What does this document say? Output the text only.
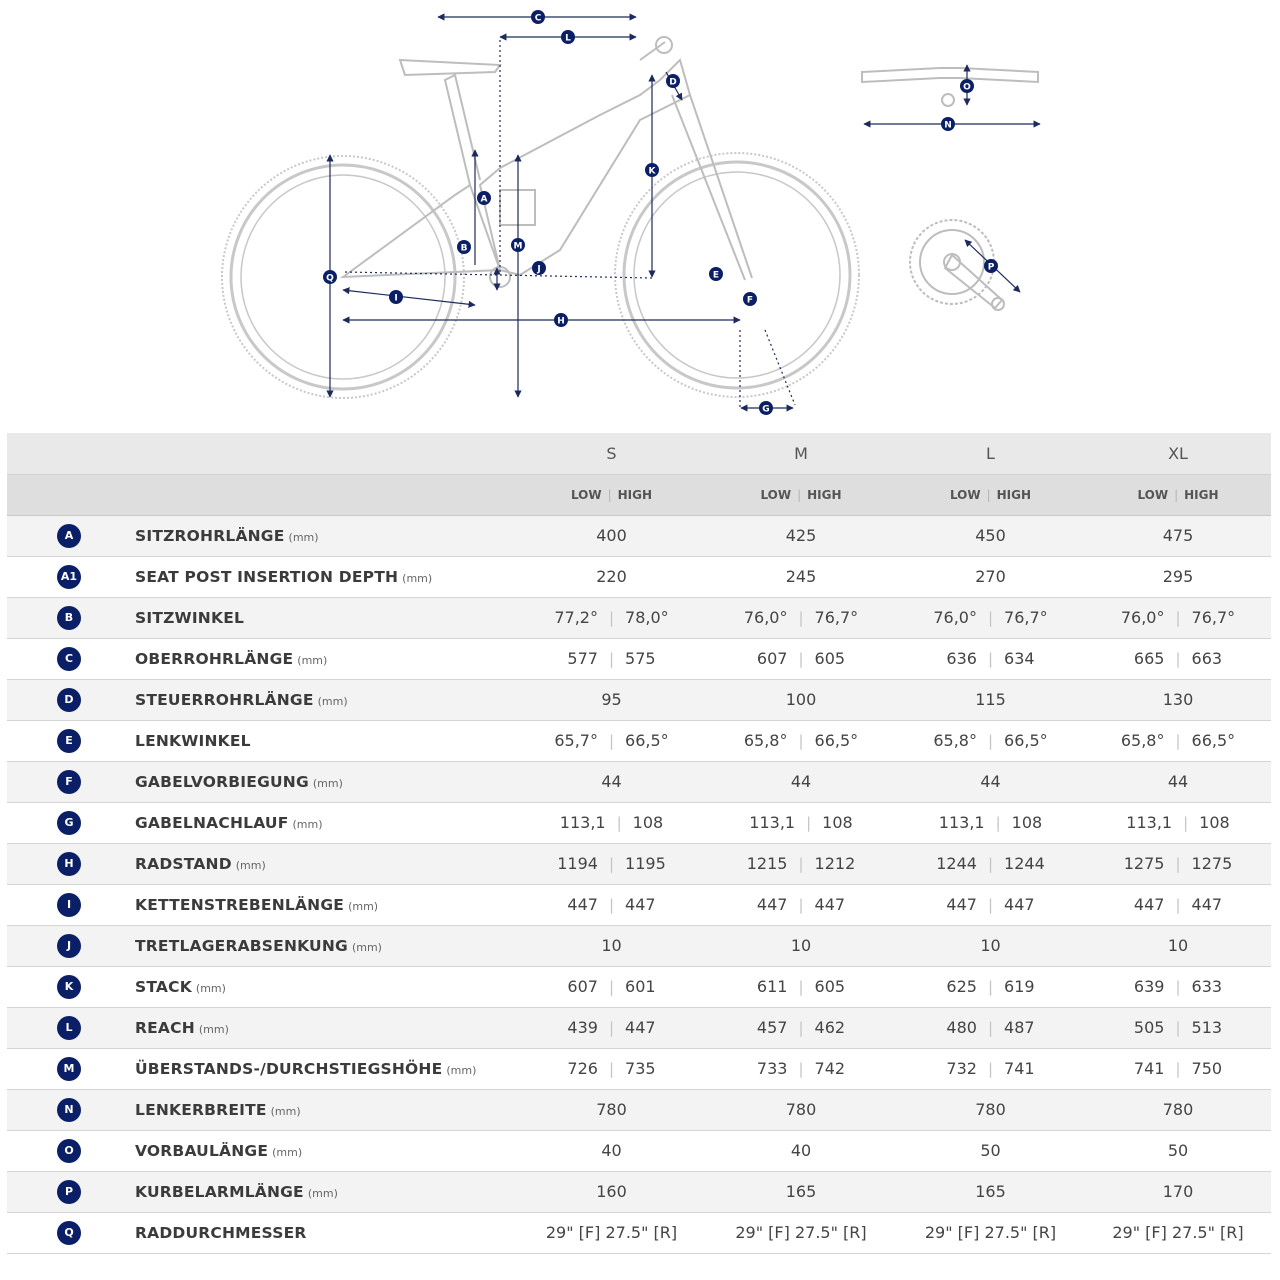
C
L
D	O
N
K
A
B	M
J
E
F
Q
I
H
P
G
		S	M	L	XL
		LOW | HIGH	LOW | HIGH	LOW | HIGH	LOW | HIGH
A	SITZROHRLÄNGE (mm)	400	425	450	475
A1	SEAT POST INSERTION DEPTH (mm)	220	245	270	295
B	SITZWINKEL	77,2° | 78,0°	76,0° | 76,7°	76,0° | 76,7°	76,0° | 76,7°
C	OBERROHRLÄNGE (mm)	577 | 575	607 | 605	636 | 634	665 | 663
D	STEUERROHRLÄNGE (mm)	95	100	115	130
E	LENKWINKEL	65,7° | 66,5°	65,8° | 66,5°	65,8° | 66,5°	65,8° | 66,5°
F	GABELVORBIEGUNG (mm)	44	44	44	44
G	GABELNACHLAUF (mm)	113,1 | 108	113,1 | 108	113,1 | 108	113,1 | 108
H	RADSTAND (mm)	1194 | 1195	1215 | 1212	1244 | 1244	1275 | 1275
I	KETTENSTREBENLÄNGE (mm)	447 | 447	447 | 447	447 | 447	447 | 447
J	TRETLAGERABSENKUNG (mm)	10	10	10	10
K	STACK (mm)	607 | 601	611 | 605	625 | 619	639 | 633
L	REACH (mm)	439 | 447	457 | 462	480 | 487	505 | 513
M	ÜBERSTANDS-/DURCHSTIEGSHÖHE (mm)	726 | 735	733 | 742	732 | 741	741 | 750
N	LENKERBREITE (mm)	780	780	780	780
O	VORBAULÄNGE (mm)	40	40	50	50
P	KURBELARMLÄNGE (mm)	160	165	165	170
Q	RADDURCHMESSER	29" [F] 27.5" [R]	29" [F] 27.5" [R]	29" [F] 27.5" [R]	29" [F] 27.5" [R]
